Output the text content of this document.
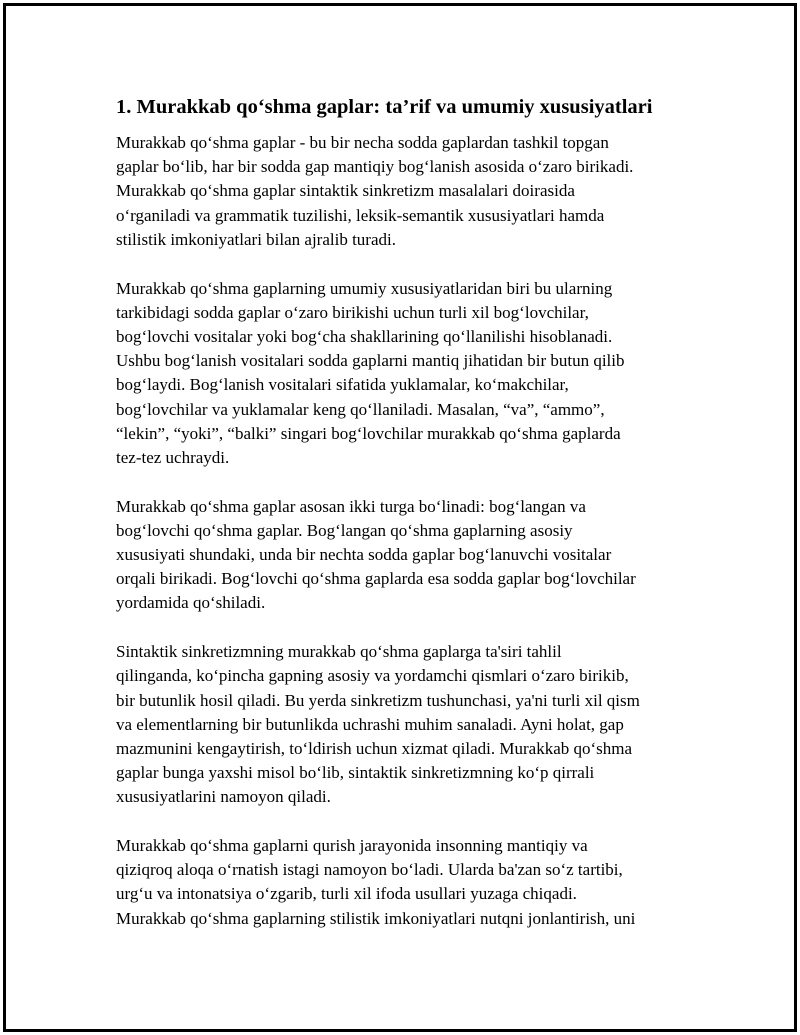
1. Murakkab qo‘shma gaplar: ta’rif va umumiy xususiyatlari
Murakkab qo‘shma gaplar - bu bir necha sodda gaplardan tashkil topgan
gaplar bo‘lib, har bir sodda gap mantiqiy bog‘lanish asosida o‘zaro birikadi.
Murakkab qo‘shma gaplar sintaktik sinkretizm masalalari doirasida
o‘rganiladi va grammatik tuzilishi, leksik-semantik xususiyatlari hamda
stilistik imkoniyatlari bilan ajralib turadi.
Murakkab qo‘shma gaplarning umumiy xususiyatlaridan biri bu ularning
tarkibidagi sodda gaplar o‘zaro birikishi uchun turli xil bog‘lovchilar,
bog‘lovchi vositalar yoki bog‘cha shakllarining qo‘llanilishi hisoblanadi.
Ushbu bog‘lanish vositalari sodda gaplarni mantiq jihatidan bir butun qilib
bog‘laydi. Bog‘lanish vositalari sifatida yuklamalar, ko‘makchilar,
bog‘lovchilar va yuklamalar keng qo‘llaniladi. Masalan, “va”, “ammo”,
“lekin”, “yoki”, “balki” singari bog‘lovchilar murakkab qo‘shma gaplarda
tez-tez uchraydi.
Murakkab qo‘shma gaplar asosan ikki turga bo‘linadi: bog‘langan va
bog‘lovchi qo‘shma gaplar. Bog‘langan qo‘shma gaplarning asosiy
xususiyati shundaki, unda bir nechta sodda gaplar bog‘lanuvchi vositalar
orqali birikadi. Bog‘lovchi qo‘shma gaplarda esa sodda gaplar bog‘lovchilar
yordamida qo‘shiladi.
Sintaktik sinkretizmning murakkab qo‘shma gaplarga ta'siri tahlil
qilinganda, ko‘pincha gapning asosiy va yordamchi qismlari o‘zaro birikib,
bir butunlik hosil qiladi. Bu yerda sinkretizm tushunchasi, ya'ni turli xil qism
va elementlarning bir butunlikda uchrashi muhim sanaladi. Ayni holat, gap
mazmunini kengaytirish, to‘ldirish uchun xizmat qiladi. Murakkab qo‘shma
gaplar bunga yaxshi misol bo‘lib, sintaktik sinkretizmning ko‘p qirrali
xususiyatlarini namoyon qiladi.
Murakkab qo‘shma gaplarni qurish jarayonida insonning mantiqiy va
qiziqroq aloqa o‘rnatish istagi namoyon bo‘ladi. Ularda ba'zan so‘z tartibi,
urg‘u va intonatsiya o‘zgarib, turli xil ifoda usullari yuzaga chiqadi.
Murakkab qo‘shma gaplarning stilistik imkoniyatlari nutqni jonlantirish, uni
